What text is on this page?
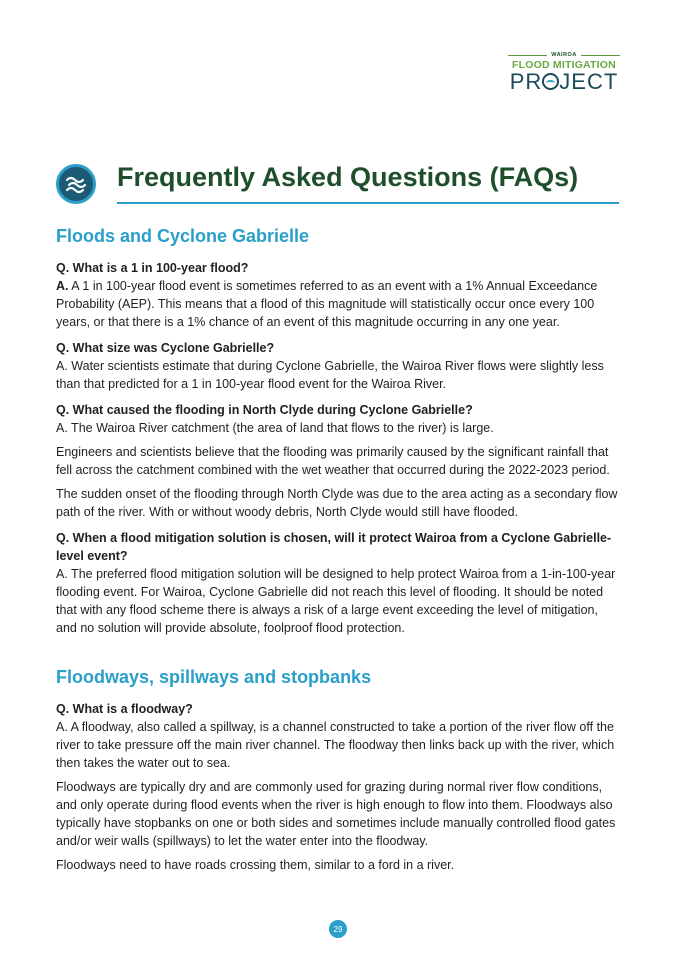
WAIROA
FLOOD MITIGATION
PR JECT
Frequently Asked Questions (FAQs)
Floods and Cyclone Gabrielle
Q. What is a 1 in 100-year flood?
A. A 1 in 100-year flood event is sometimes referred to as an event with a 1% Annual Exceedance Probability (AEP). This means that a flood of this magnitude will statistically occur once every 100 years, or that there is a 1% chance of an event of this magnitude occurring in any one year.
Q. What size was Cyclone Gabrielle?
A. Water scientists estimate that during Cyclone Gabrielle, the Wairoa River flows were slightly less than that predicted for a 1 in 100-year flood event for the Wairoa River.
Q. What caused the flooding in North Clyde during Cyclone Gabrielle?
A. The Wairoa River catchment (the area of land that flows to the river) is large.
Engineers and scientists believe that the flooding was primarily caused by the significant rainfall that fell across the catchment combined with the wet weather that occurred during the 2022-2023 period.
The sudden onset of the flooding through North Clyde was due to the area acting as a secondary flow path of the river. With or without woody debris, North Clyde would still have flooded.
Q. When a flood mitigation solution is chosen, will it protect Wairoa from a Cyclone Gabrielle-level event?
A. The preferred flood mitigation solution will be designed to help protect Wairoa from a 1-in-100-year flooding event. For Wairoa, Cyclone Gabrielle did not reach this level of flooding. It should be noted that with any flood scheme there is always a risk of a large event exceeding the level of mitigation, and no solution will provide absolute, foolproof flood protection.
Floodways, spillways and stopbanks
Q. What is a floodway?
A. A floodway, also called a spillway, is a channel constructed to take a portion of the river flow off the river to take pressure off the main river channel. The floodway then links back up with the river, which then takes the water out to sea.
Floodways are typically dry and are commonly used for grazing during normal river flow conditions, and only operate during flood events when the river is high enough to flow into them. Floodways also typically have stopbanks on one or both sides and sometimes include manually controlled flood gates and/or weir walls (spillways) to let the water enter into the floodway.
Floodways need to have roads crossing them, similar to a ford in a river.
29
